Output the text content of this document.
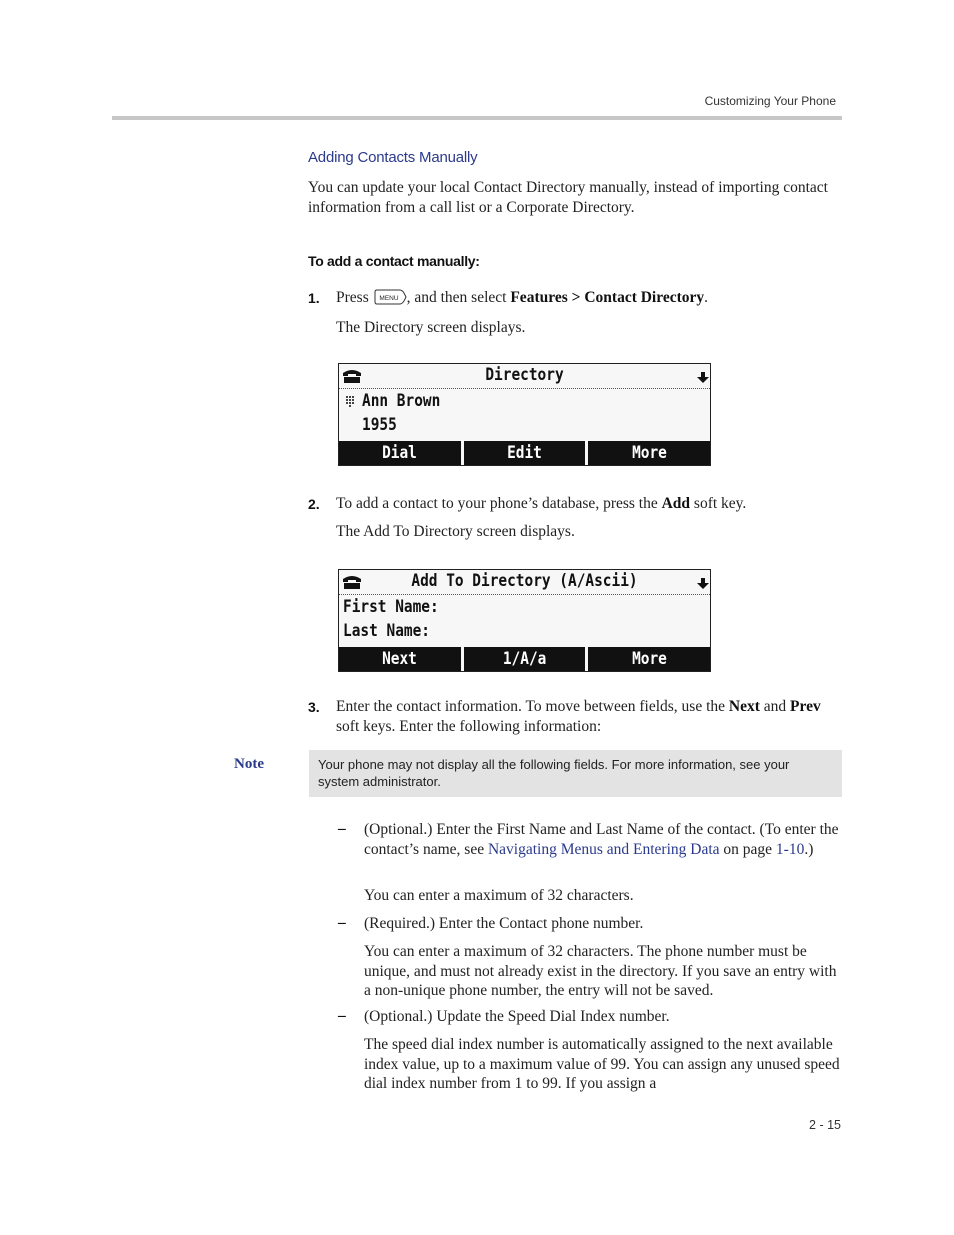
Customizing Your Phone
Adding Contacts Manually
You can update your local Contact Directory manually, instead of importing contact information from a call list or a Corporate Directory.
To add a contact manually:
1. Press MENU , and then select Features > Contact Directory.
The Directory screen displays.
Directory
Ann Brown
1955
Dial	Edit	More
2. To add a contact to your phone’s database, press the Add soft key.
The Add To Directory screen displays.
Add To Directory (A/Ascii)
First Name:
Last Name:
Next	1/A/a	More
3. Enter the contact information. To move between fields, use the Next and Prev soft keys. Enter the following information:
Note	Your phone may not display all the following fields. For more information, see your system administrator.
– (Optional.) Enter the First Name and Last Name of the contact. (To enter the contact’s name, see Navigating Menus and Entering Data on page 1-10.)
You can enter a maximum of 32 characters.
– (Required.) Enter the Contact phone number.
You can enter a maximum of 32 characters. The phone number must be unique, and must not already exist in the directory. If you save an entry with a non-unique phone number, the entry will not be saved.
– (Optional.) Update the Speed Dial Index number.
The speed dial index number is automatically assigned to the next available index value, up to a maximum value of 99. You can assign any unused speed dial index number from 1 to 99. If you assign a
2 - 15
